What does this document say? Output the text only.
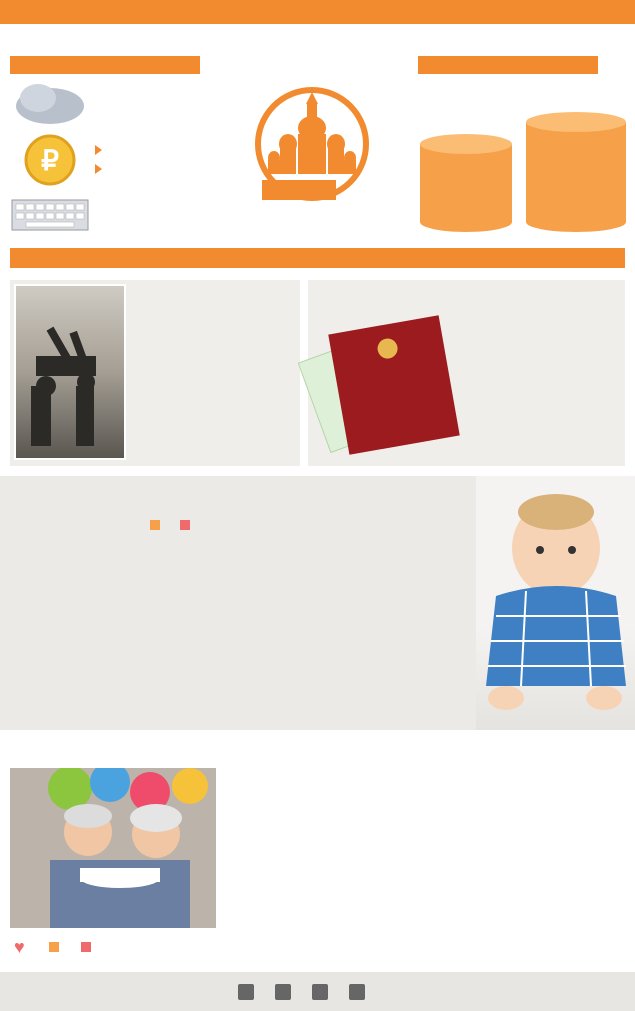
₽

♥
